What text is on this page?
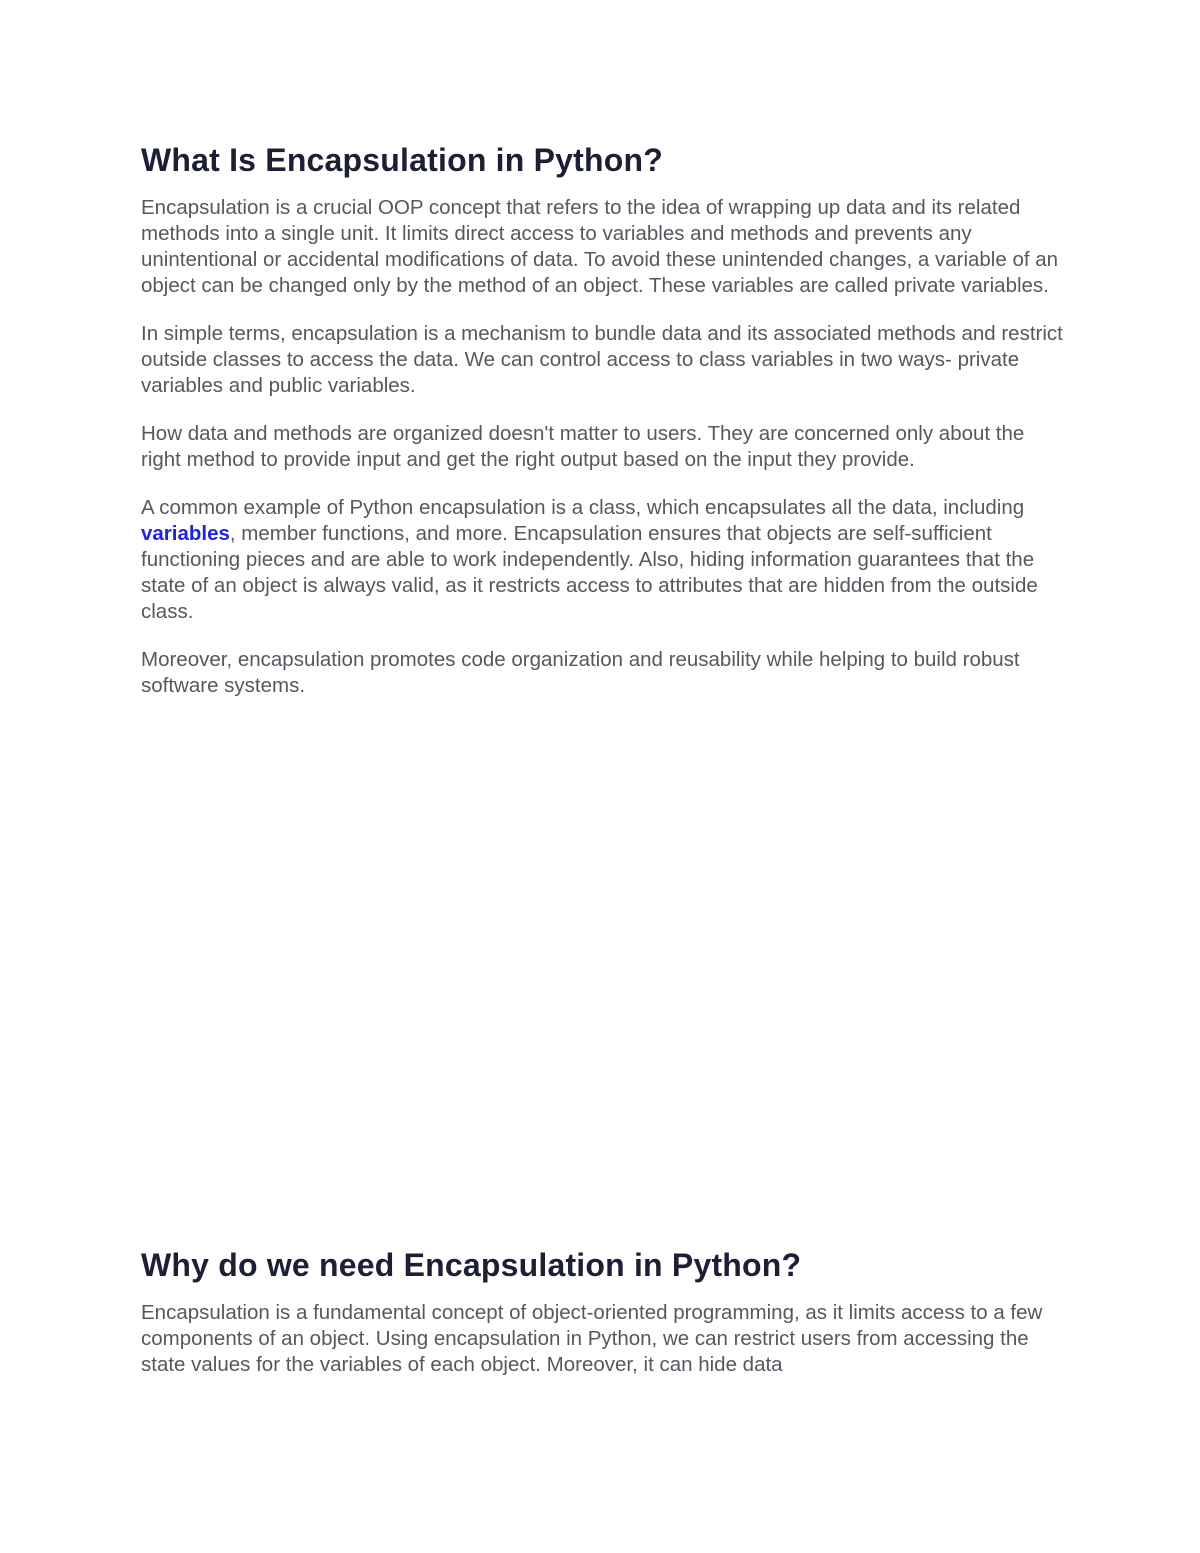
What Is Encapsulation in Python?

Encapsulation is a crucial OOP concept that refers to the idea of wrapping up data and its related methods into a single unit. It limits direct access to variables and methods and prevents any unintentional or accidental modifications of data. To avoid these unintended changes, a variable of an object can be changed only by the method of an object. These variables are called private variables.

In simple terms, encapsulation is a mechanism to bundle data and its associated methods and restrict outside classes to access the data. We can control access to class variables in two ways- private variables and public variables.

How data and methods are organized doesn't matter to users. They are concerned only about the right method to provide input and get the right output based on the input they provide.

A common example of Python encapsulation is a class, which encapsulates all the data, including variables, member functions, and more. Encapsulation ensures that objects are self-sufficient functioning pieces and are able to work independently. Also, hiding information guarantees that the state of an object is always valid, as it restricts access to attributes that are hidden from the outside class.

Moreover, encapsulation promotes code organization and reusability while helping to build robust software systems.

Why do we need Encapsulation in Python?

Encapsulation is a fundamental concept of object-oriented programming, as it limits access to a few components of an object. Using encapsulation in Python, we can restrict users from accessing the state values for the variables of each object. Moreover, it can hide data
